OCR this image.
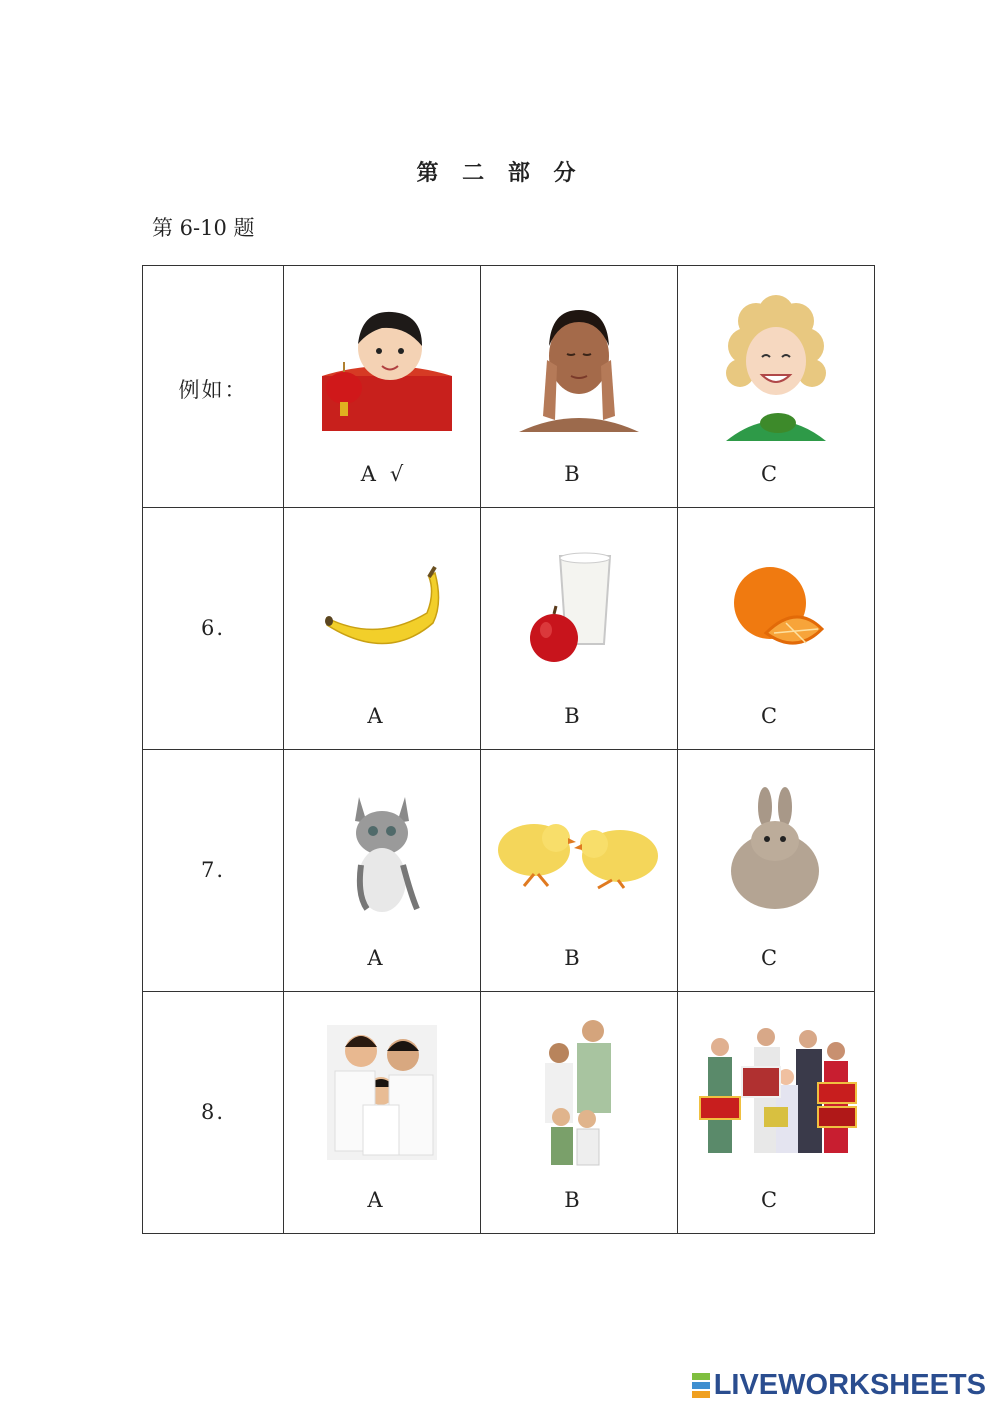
第 二 部 分
第 6-10 题
例如：	A √	B	C

6.	A	B	C

7.	A	B	C

8.	A	B	C
LIVEWORKSHEETS
